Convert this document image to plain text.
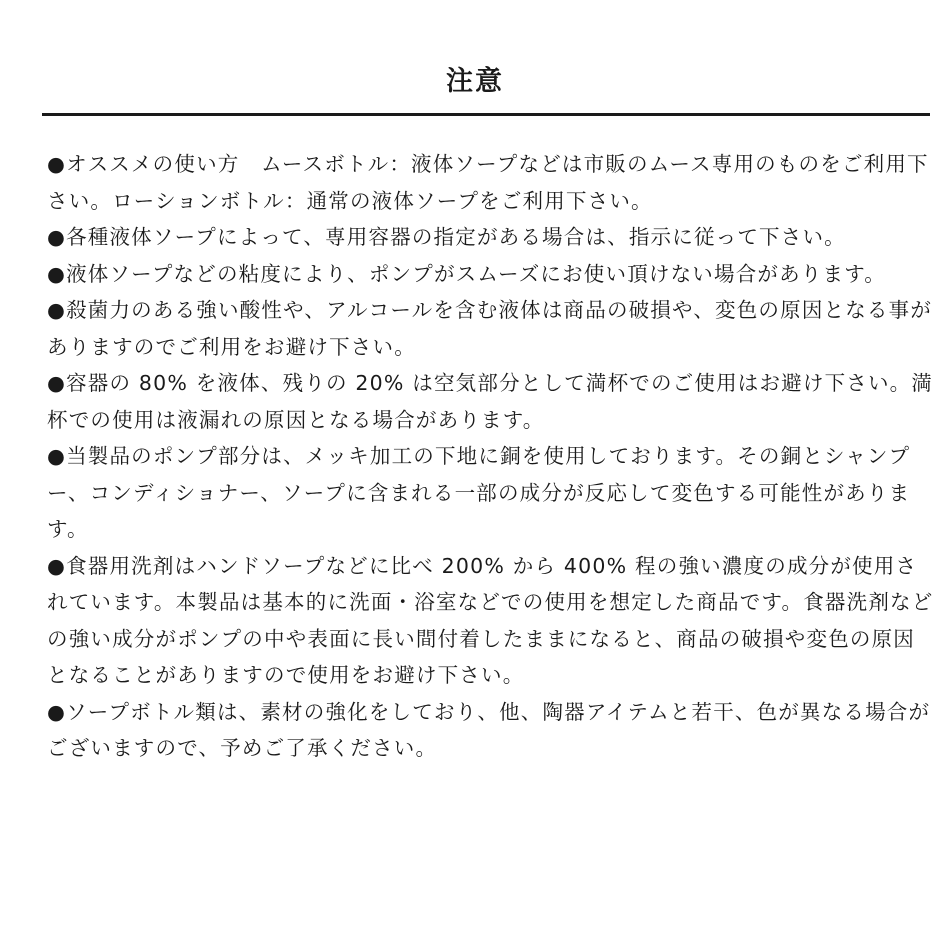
注意
●オススメの使い方　ムースボトル：液体ソープなどは市販のムース専用のものをご利用下さい。ローションボトル：通常の液体ソープをご利用下さい。
●各種液体ソープによって、専用容器の指定がある場合は、指示に従って下さい。
●液体ソープなどの粘度により、ポンプがスムーズにお使い頂けない場合があります。
●殺菌力のある強い酸性や、アルコールを含む液体は商品の破損や、変色の原因となる事がありますのでご利用をお避け下さい。
●容器の 80% を液体、残りの 20% は空気部分として満杯でのご使用はお避け下さい。満杯での使用は液漏れの原因となる場合があります。
●当製品のポンプ部分は、メッキ加工の下地に銅を使用しております。その銅とシャンプー、コンディショナー、ソープに含まれる一部の成分が反応して変色する可能性があります。
●食器用洗剤はハンドソープなどに比べ 200% から 400% 程の強い濃度の成分が使用されています。本製品は基本的に洗面・浴室などでの使用を想定した商品です。食器洗剤などの強い成分がポンプの中や表面に長い間付着したままになると、商品の破損や変色の原因となることがありますので使用をお避け下さい。
●ソープボトル類は、素材の強化をしており、他、陶器アイテムと若干、色が異なる場合がございますので、予めご了承ください。
